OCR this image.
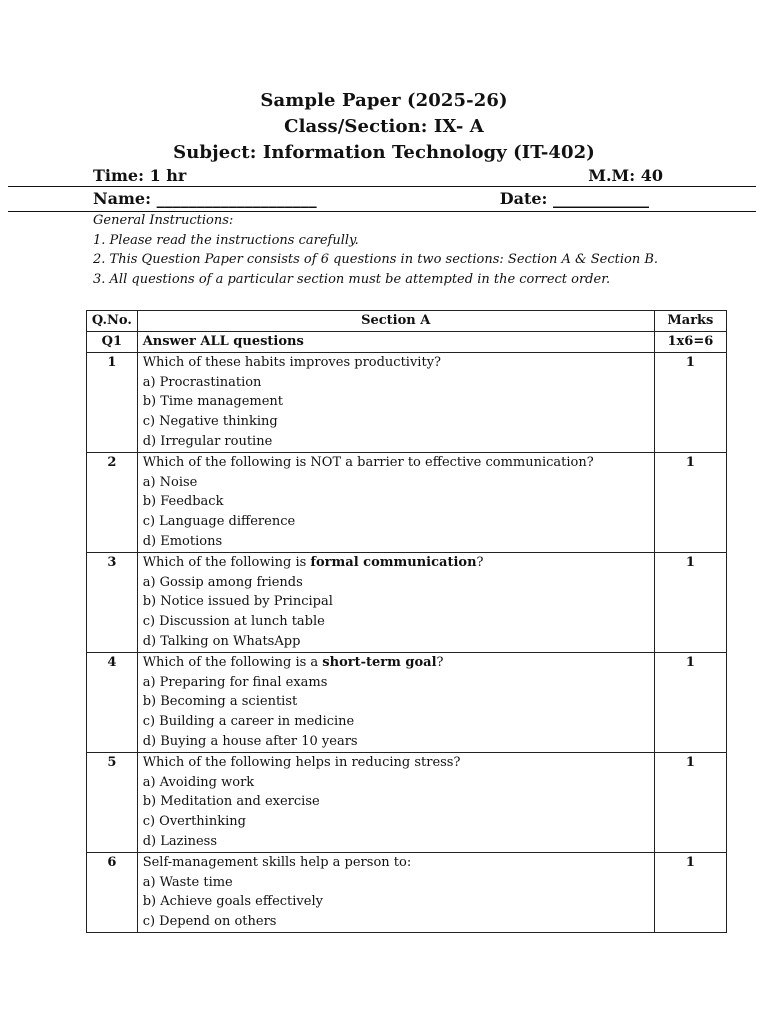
Sample Paper (2025-26)
Class/Section: IX- A
Subject: Information Technology (IT-402)
Time: 1 hr	M.M: 40
Name: ____________________	Date: ____________
General Instructions:
1. Please read the instructions carefully.
2. This Question Paper consists of 6 questions in two sections: Section A & Section B.
3. All questions of a particular section must be attempted in the correct order.
Q.No.	Section A	Marks

Q1	Answer ALL questions	1x6=6

1	Which of these habits improves productivity?
a) Procrastination
b) Time management
c) Negative thinking
d) Irregular routine	1

2	Which of the following is NOT a barrier to effective communication?
a) Noise
b) Feedback
c) Language difference
d) Emotions	1

3	Which of the following is formal communication?
a) Gossip among friends
b) Notice issued by Principal
c) Discussion at lunch table
d) Talking on WhatsApp	1

4	Which of the following is a short-term goal?
a) Preparing for final exams
b) Becoming a scientist
c) Building a career in medicine
d) Buying a house after 10 years	1

5	Which of the following helps in reducing stress?
a) Avoiding work
b) Meditation and exercise
c) Overthinking
d) Laziness	1

6	Self-management skills help a person to:
a) Waste time
b) Achieve goals effectively
c) Depend on others	1
